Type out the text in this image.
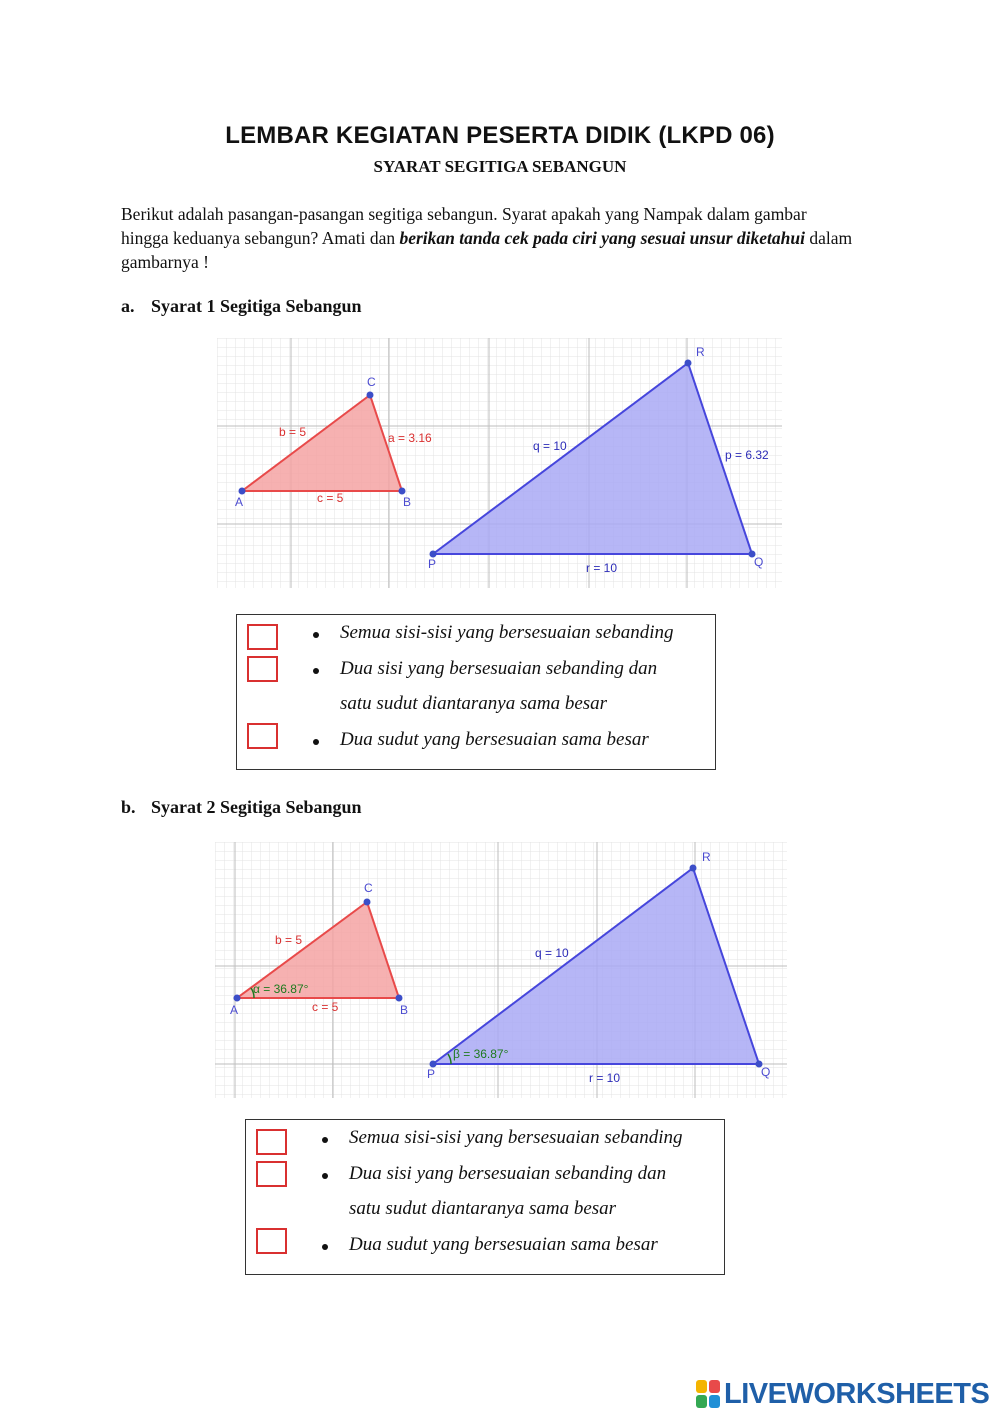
LEMBAR KEGIATAN PESERTA DIDIK (LKPD 06)
SYARAT SEGITIGA SEBANGUN
Berikut adalah pasangan-pasangan segitiga sebangun. Syarat apakah yang Nampak dalam gambar hingga keduanya sebangun? Amati dan berikan tanda cek pada ciri yang sesuai unsur diketahui dalam gambarnya !
a. Syarat 1 Segitiga Sebangun
A	B
C
P	Q
R
b = 5	a = 3.16
c = 5
q = 10
p = 6.32
r = 10
Semua sisi-sisi yang bersesuaian sebanding
Dua sisi yang bersesuaian sebanding dan
satu sudut diantaranya sama besar
Dua sudut yang bersesuaian sama besar
b. Syarat 2 Segitiga Sebangun
A	B
C
P	Q
R
b = 5
c = 5
α = 36.87°
β = 36.87°
q = 10
r = 10
Semua sisi-sisi yang bersesuaian sebanding
Dua sisi yang bersesuaian sebanding dan
satu sudut diantaranya sama besar
Dua sudut yang bersesuaian sama besar
LIVEWORKSHEETS
